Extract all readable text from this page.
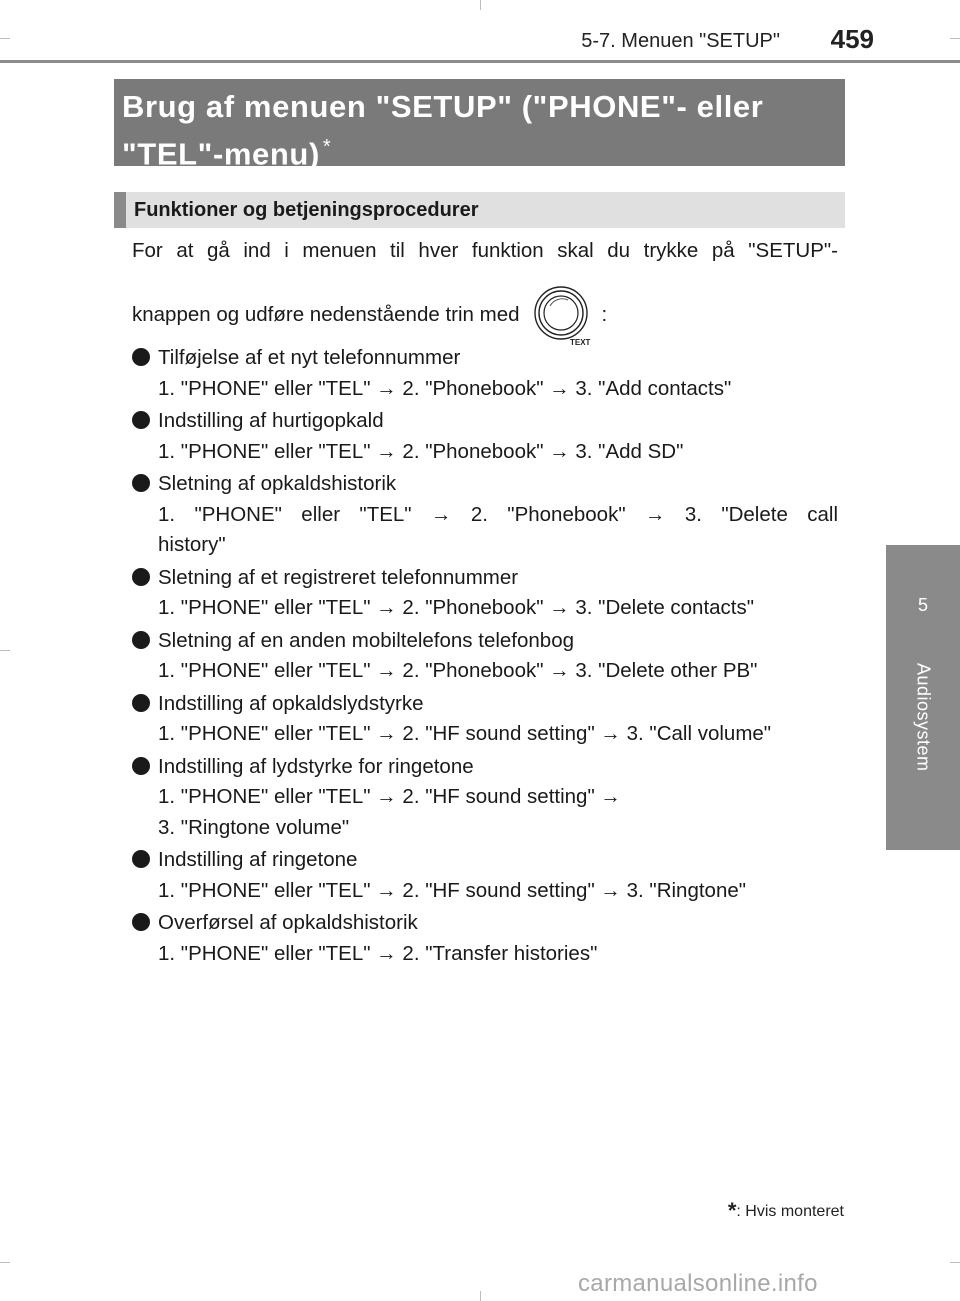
5-7. Menuen "SETUP" 459
5
Audiosystem
Brug af menuen "SETUP" ("PHONE"- eller
"TEL"-menu) *
Funktioner og betjeningsprocedurer
For at gå ind i menuen til hver funktion skal du trykke på "SETUP"-
knappen og udføre nedenstående trin med
TEXT
:
Tilføjelse af et nyt telefonnummer
1. "PHONE" eller "TEL" → 2. "Phonebook" → 3. "Add contacts"
Indstilling af hurtigopkald
1. "PHONE" eller "TEL" → 2. "Phonebook" → 3. "Add SD"
Sletning af opkaldshistorik
1. "PHONE" eller "TEL" → 2. "Phonebook" → 3. "Delete call
history"
Sletning af et registreret telefonnummer
1. "PHONE" eller "TEL" → 2. "Phonebook" → 3. "Delete contacts"
Sletning af en anden mobiltelefons telefonbog
1. "PHONE" eller "TEL" → 2. "Phonebook" → 3. "Delete other PB"
Indstilling af opkaldslydstyrke
1. "PHONE" eller "TEL" → 2. "HF sound setting" → 3. "Call volume"
Indstilling af lydstyrke for ringetone
1. "PHONE" eller "TEL" → 2. "HF sound setting" →
3. "Ringtone volume"
Indstilling af ringetone
1. "PHONE" eller "TEL" → 2. "HF sound setting" → 3. "Ringtone"
Overførsel af opkaldshistorik
1. "PHONE" eller "TEL" → 2. "Transfer histories"
*: Hvis monteret
carmanualsonline.info
